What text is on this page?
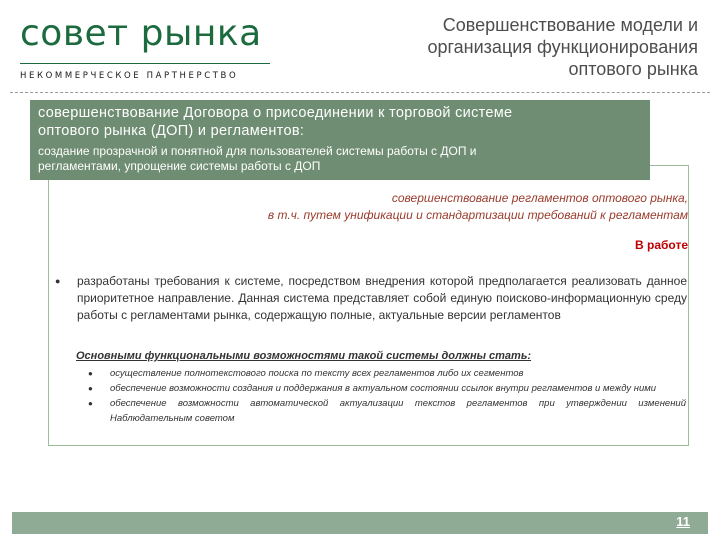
совет рынка
НЕКОММЕРЧЕСКОЕ ПАРТНЕРСТВО
Совершенствование модели и
организация функционирования
оптового рынка
совершенствование Договора о присоединении к торговой системе
оптового рынка (ДОП) и регламентов:
создание прозрачной и понятной для пользователей системы работы с ДОП и
регламентами, упрощение системы работы с ДОП
совершенствование регламентов оптового рынка,
в т.ч. путем унификации и стандартизации требований к регламентам
В работе
●	разработаны требования к системе, посредством внедрения которой предполагается реализовать данное приоритетное направление. Данная система представляет собой единую поисково-информационную среду работы с регламентами рынка, содержащую полные, актуальные версии регламентов
Основными функциональными возможностями такой системы должны стать:
●	осуществление полнотекстового поиска по тексту всех регламентов либо их сегментов
●	обеспечение возможности создания и поддержания в актуальном состоянии ссылок внутри регламентов и между ними
●	обеспечение возможности автоматической актуализации текстов регламентов при утверждении изменений Наблюдательным советом
11
